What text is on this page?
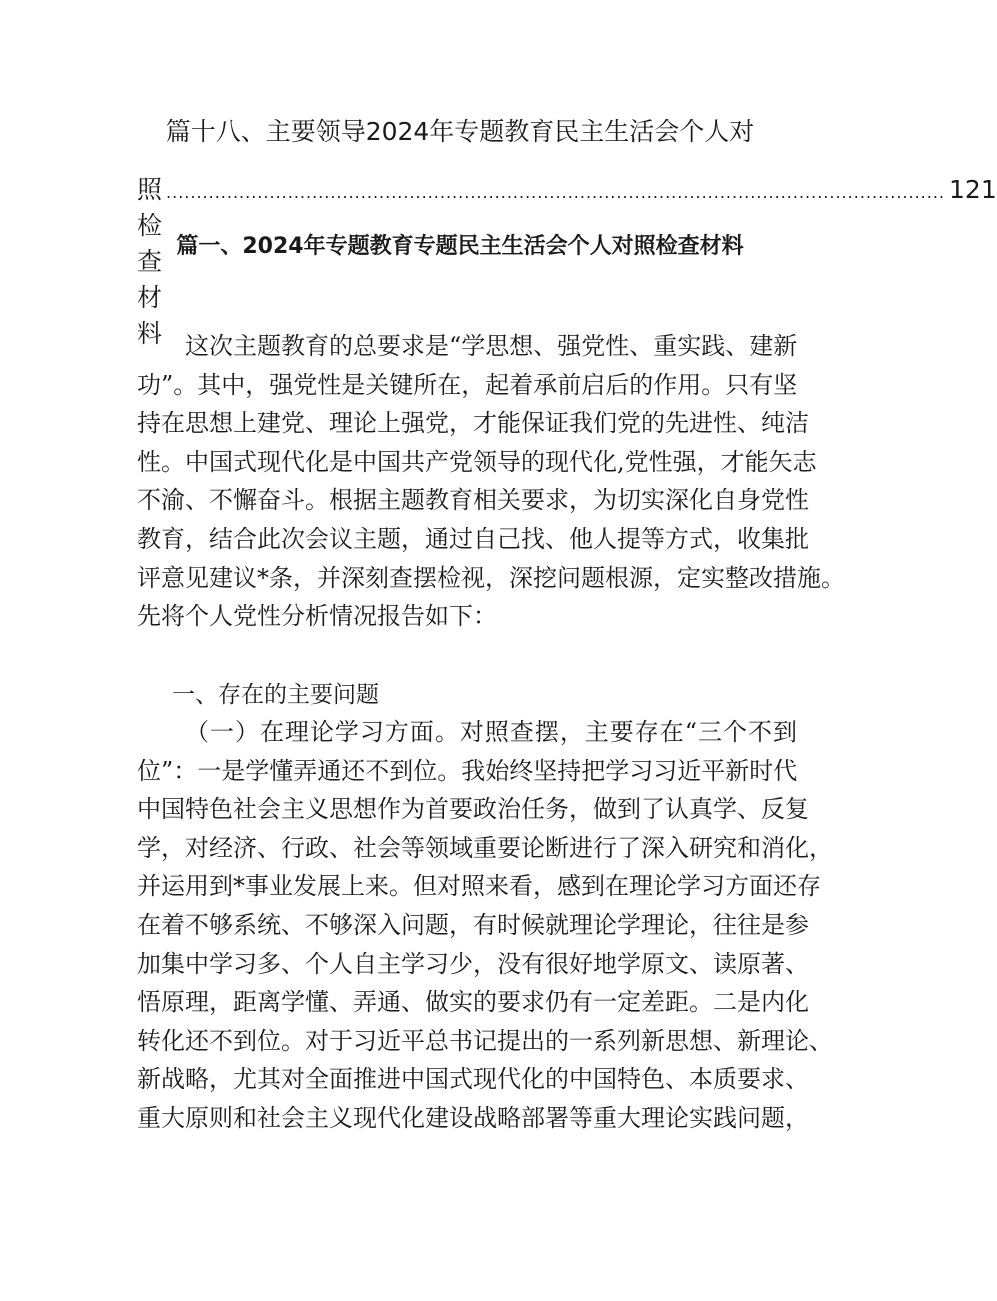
篇十八、主要领导2024年专题教育民主生活会个人对
照检查材料
................................................................................................................................ 121
篇一、2024年专题教育专题民主生活会个人对照检查材料
这次主题教育的总要求是“学思想、强党性、重实践、建新
功”。其中，强党性是关键所在，起着承前启后的作用。只有坚
持在思想上建党、理论上强党，才能保证我们党的先进性、纯洁
性。中国式现代化是中国共产党领导的现代化,党性强，才能矢志
不渝、不懈奋斗。根据主题教育相关要求，为切实深化自身党性
教育，结合此次会议主题，通过自己找、他人提等方式，收集批
评意见建议*条，并深刻查摆检视，深挖问题根源，定实整改措施。
先将个人党性分析情况报告如下：
一、存在的主要问题
（一）在理论学习方面。对照查摆，主要存在“三个不到
位”：一是学懂弄通还不到位。我始终坚持把学习习近平新时代
中国特色社会主义思想作为首要政治任务，做到了认真学、反复
学，对经济、行政、社会等领域重要论断进行了深入研究和消化，
并运用到*事业发展上来。但对照来看，感到在理论学习方面还存
在着不够系统、不够深入问题，有时候就理论学理论，往往是参
加集中学习多、个人自主学习少，没有很好地学原文、读原著、
悟原理，距离学懂、弄通、做实的要求仍有一定差距。二是内化
转化还不到位。对于习近平总书记提出的一系列新思想、新理论、
新战略，尤其对全面推进中国式现代化的中国特色、本质要求、
重大原则和社会主义现代化建设战略部署等重大理论实践问题，
